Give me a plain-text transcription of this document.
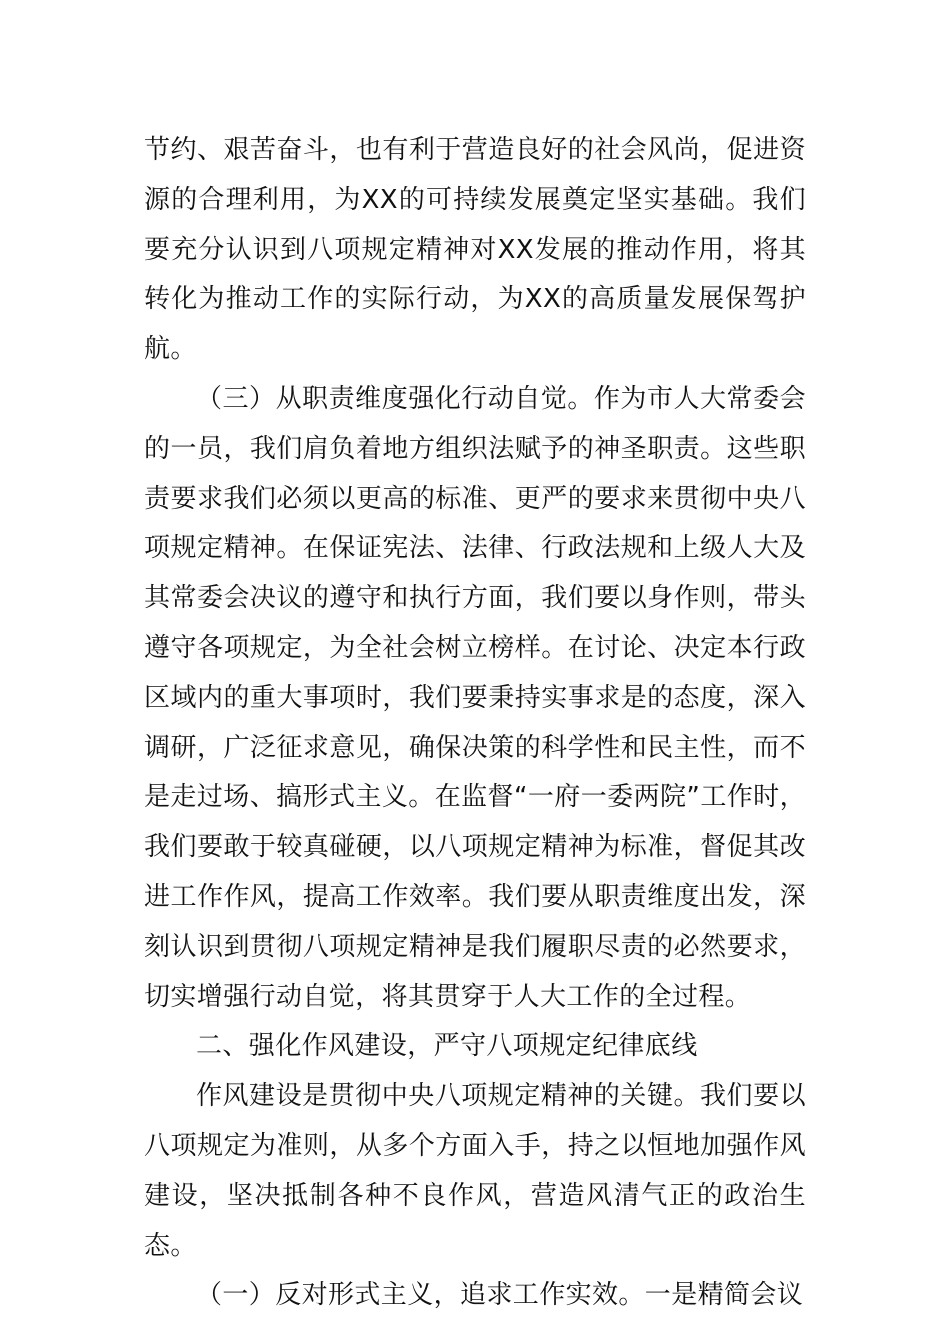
节约、艰苦奋斗，也有利于营造良好的社会风尚，促进资源的合理利用，为XX的可持续发展奠定坚实基础。我们要充分认识到八项规定精神对XX发展的推动作用，将其转化为推动工作的实际行动，为XX的高质量发展保驾护航。

（三）从职责维度强化行动自觉。作为市人大常委会的一员，我们肩负着地方组织法赋予的神圣职责。这些职责要求我们必须以更高的标准、更严的要求来贯彻中央八项规定精神。在保证宪法、法律、行政法规和上级人大及其常委会决议的遵守和执行方面，我们要以身作则，带头遵守各项规定，为全社会树立榜样。在讨论、决定本行政区域内的重大事项时，我们要秉持实事求是的态度，深入调研，广泛征求意见，确保决策的科学性和民主性，而不是走过场、搞形式主义。在监督“一府一委两院”工作时，我们要敢于较真碰硬，以八项规定精神为标准，督促其改进工作作风，提高工作效率。我们要从职责维度出发，深刻认识到贯彻八项规定精神是我们履职尽责的必然要求，切实增强行动自觉，将其贯穿于人大工作的全过程。

二、强化作风建设，严守八项规定纪律底线

作风建设是贯彻中央八项规定精神的关键。我们要以八项规定为准则，从多个方面入手，持之以恒地加强作风建设，坚决抵制各种不良作风，营造风清气正的政治生态。

（一）反对形式主义，追求工作实效。一是精简会议
